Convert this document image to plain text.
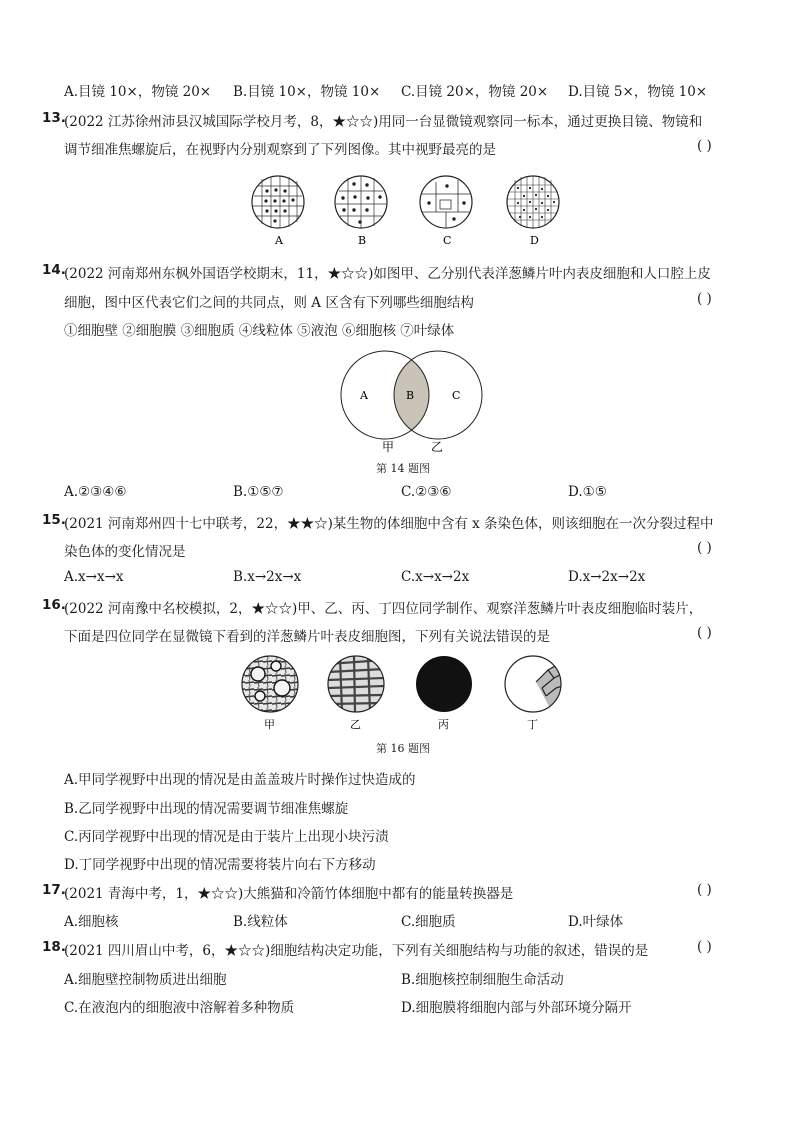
A.目镜 10×，物镜 20× B.目镜 10×，物镜 10× C.目镜 20×，物镜 20× D.目镜 5×，物镜 10×
13.
(2022 江苏徐州沛县汉城国际学校月考，8，★☆☆)用同一台显微镜观察同一标本，通过更换目镜、物镜和
调节细准焦螺旋后，在视野内分别观察到了下列图像。其中视野最亮的是	( )
A	B	C	D
14.
(2022 河南郑州东枫外国语学校期末，11，★☆☆)如图甲、乙分别代表洋葱鳞片叶内表皮细胞和人口腔上皮
细胞，图中区代表它们之间的共同点，则 A 区含有下列哪些细胞结构	( )
①细胞壁 ②细胞膜 ③细胞质 ④线粒体 ⑤液泡 ⑥细胞核 ⑦叶绿体
A	B	C
甲	乙
第 14 题图
A.②③④⑥	B.①⑤⑦	C.②③⑥	D.①⑤
15.
(2021 河南郑州四十七中联考，22，★★☆)某生物的体细胞中含有 x 条染色体，则该细胞在一次分裂过程中
染色体的变化情况是	( )
A.x→x→x	B.x→2x→x	C.x→x→2x	D.x→2x→2x
16.
(2022 河南豫中名校模拟，2，★☆☆)甲、乙、丙、丁四位同学制作、观察洋葱鳞片叶表皮细胞临时装片，
下面是四位同学在显微镜下看到的洋葱鳞片叶表皮细胞图，下列有关说法错误的是	( )
甲	乙	丙	丁
第 16 题图
A.甲同学视野中出现的情况是由盖盖玻片时操作过快造成的
B.乙同学视野中出现的情况需要调节细准焦螺旋
C.丙同学视野中出现的情况是由于装片上出现小块污渍
D.丁同学视野中出现的情况需要将装片向右下方移动
17.
(2021 青海中考，1，★☆☆)大熊猫和冷箭竹体细胞中都有的能量转换器是	( )
A.细胞核	B.线粒体	C.细胞质	D.叶绿体
18.
(2021 四川眉山中考，6，★☆☆)细胞结构决定功能，下列有关细胞结构与功能的叙述，错误的是	( )
A.细胞壁控制物质进出细胞	B.细胞核控制细胞生命活动
C.在液泡内的细胞液中溶解着多种物质	D.细胞膜将细胞内部与外部环境分隔开
